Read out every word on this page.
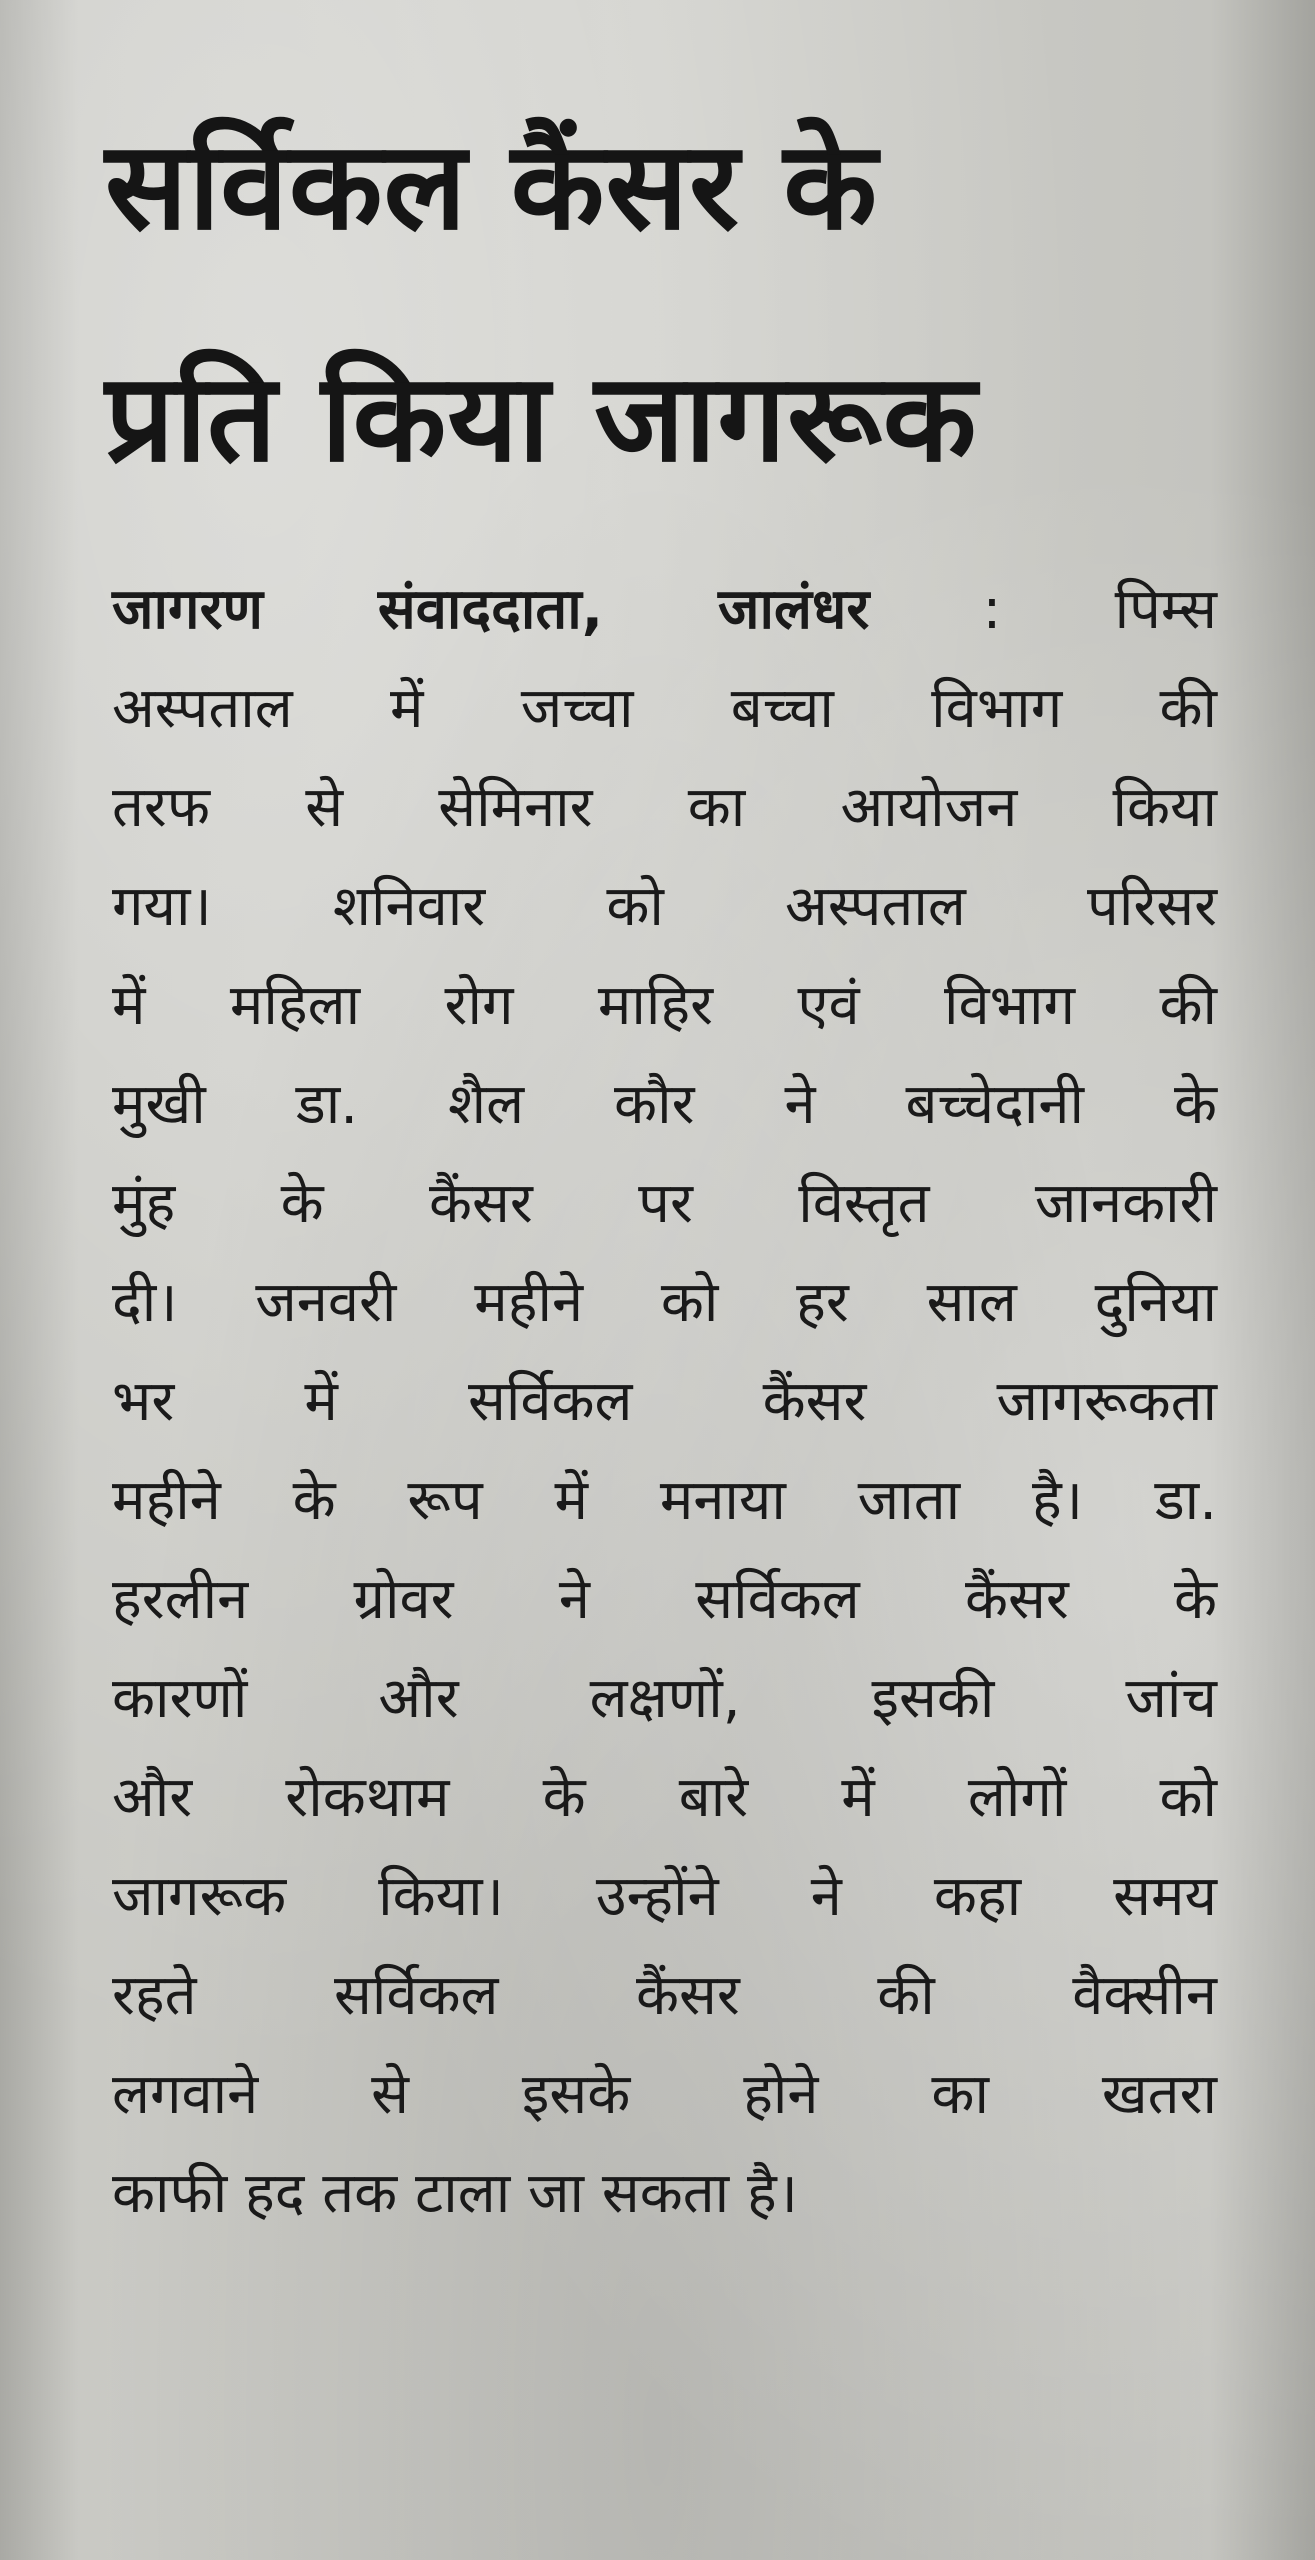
सर्विकल कैंसर के
प्रति किया जागरूक
जागरण संवाददाता, जालंधर : पिम्स
अस्पताल में जच्चा बच्चा विभाग की
तरफ से सेमिनार का आयोजन किया
गया। शनिवार को अस्पताल परिसर
में महिला रोग माहिर एवं विभाग की
मुखी डा. शैल कौर ने बच्चेदानी के
मुंह के कैंसर पर विस्तृत जानकारी
दी। जनवरी महीने को हर साल दुनिया
भर में सर्विकल कैंसर जागरूकता
महीने के रूप में मनाया जाता है। डा.
हरलीन ग्रोवर ने सर्विकल कैंसर के
कारणों और लक्षणों, इसकी जांच
और रोकथाम के बारे में लोगों को
जागरूक किया। उन्होंने ने कहा समय
रहते सर्विकल कैंसर की वैक्सीन
लगवाने से इसके होने का खतरा
काफी हद तक टाला जा सकता है।
